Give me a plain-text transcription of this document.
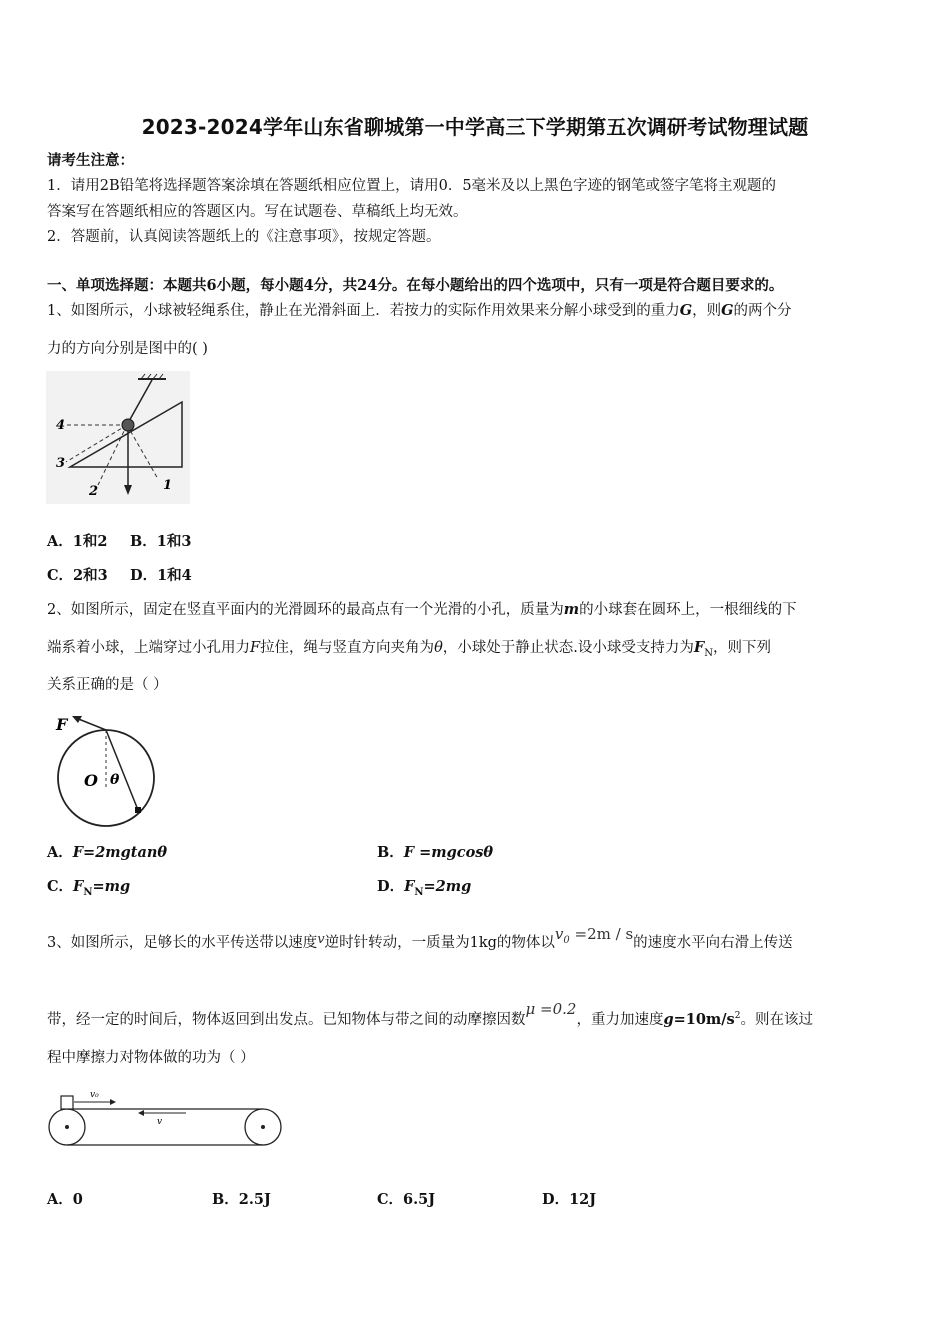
2023-2024学年山东省聊城第一中学高三下学期第五次调研考试物理试题
请考生注意：
1．请用2B铅笔将选择题答案涂填在答题纸相应位置上，请用0．5毫米及以上黑色字迹的钢笔或签字笔将主观题的
答案写在答题纸相应的答题区内。写在试题卷、草稿纸上均无效。
2．答题前，认真阅读答题纸上的《注意事项》，按规定答题。
一、单项选择题：本题共6小题，每小题4分，共24分。在每小题给出的四个选项中，只有一项是符合题目要求的。
1、如图所示，小球被轻绳系住，静止在光滑斜面上．若按力的实际作用效果来分解小球受到的重力G，则G的两个分
力的方向分别是图中的( )
4
3
2	1
A．1和2 B．1和3
C．2和3 D．1和4
2、如图所示，固定在竖直平面内的光滑圆环的最高点有一个光滑的小孔，质量为m的小球套在圆环上，一根细线的下
端系着小球，上端穿过小孔用力F拉住，绳与竖直方向夹角为θ，小球处于静止状态.设小球受支持力为$F_N$，则下列
关系正确的是（ ）
F
O θ
A．F=2mgtanθ	B．F =mgcosθ
C．$F_N=mg$	D．$F_N=2mg$
3、如图所示，足够长的水平传送带以速度v逆时针转动，一质量为1kg的物体以$v_0 =2m / s$的速度水平向右滑上传送
带，经一定的时间后，物体返回到出发点。已知物体与带之间的动摩擦因数μ =0.2，重力加速度$g=10m/s^2$。则在该过
程中摩擦力对物体做的功为（ ）
v₀
v
A．0	B．2.5J	C．6.5J	D．12J
